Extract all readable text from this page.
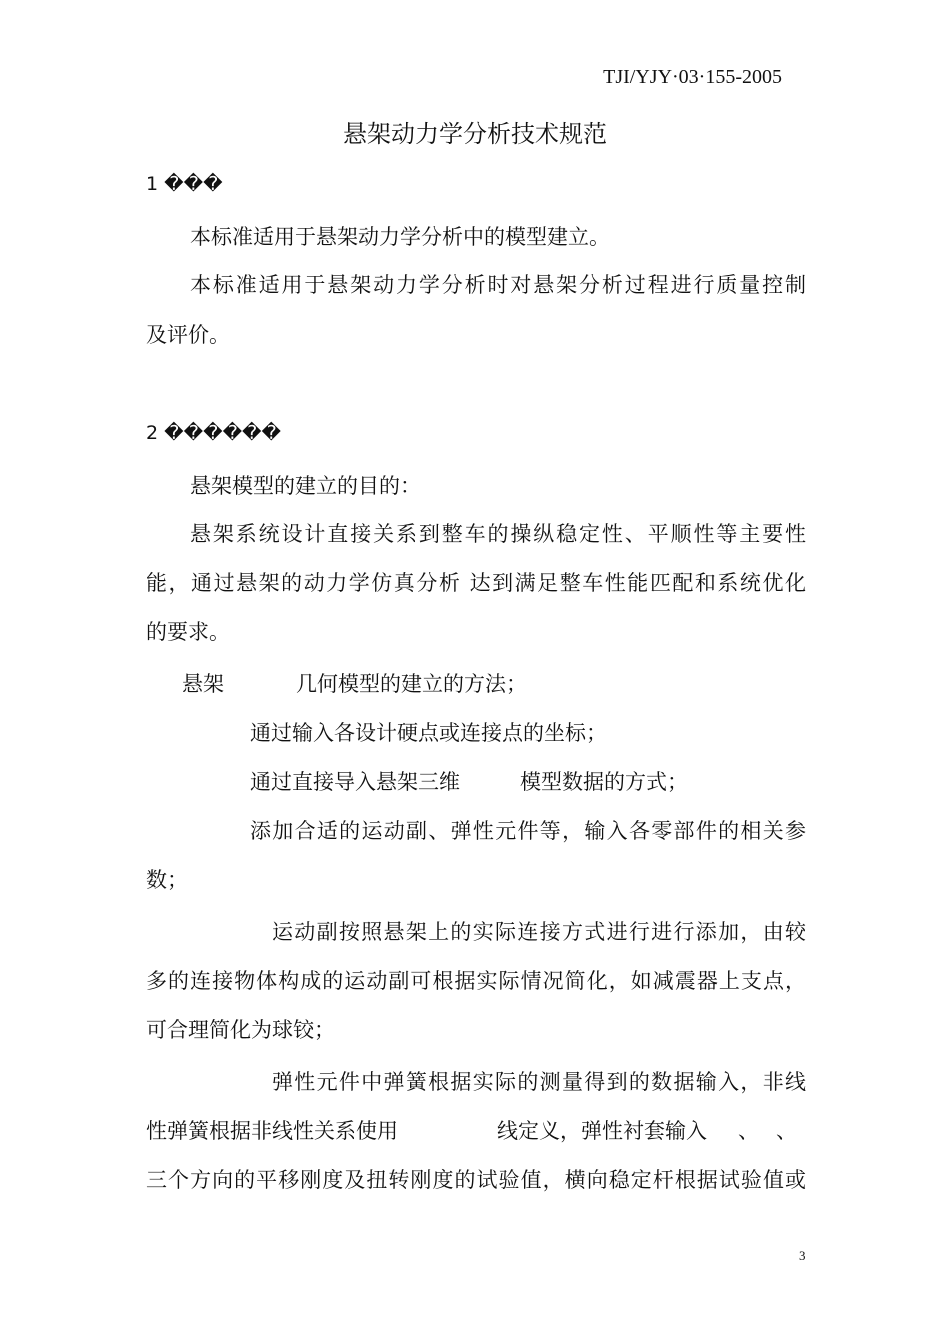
TJI/YJY·03·155-2005
悬架动力学分析技术规范
1 ���
本标准适用于悬架动力学分析中的模型建立。
本标准适用于悬架动力学分析时对悬架分析过程进行质量控制
及评价。
2 ������
悬架模型的建立的目的：
悬架系统设计直接关系到整车的操纵稳定性、平顺性等主要性
能，通过悬架的动力学仿真分析 达到满足整车性能匹配和系统优化
的要求。
悬架	几何模型的建立的方法；
通过输入各设计硬点或连接点的坐标；
通过直接导入悬架三维	模型数据的方式；
添加合适的运动副、弹性元件等，输入各零部件的相关参
数；
运动副按照悬架上的实际连接方式进行进行添加，由较
多的连接物体构成的运动副可根据实际情况简化，如减震器上支点，
可合理简化为球铰；
弹性元件中弹簧根据实际的测量得到的数据输入，非线
性弹簧根据非线性关系使用	线定义，弹性衬套输入 、 、
三个方向的平移刚度及扭转刚度的试验值，横向稳定杆根据试验值或
3
